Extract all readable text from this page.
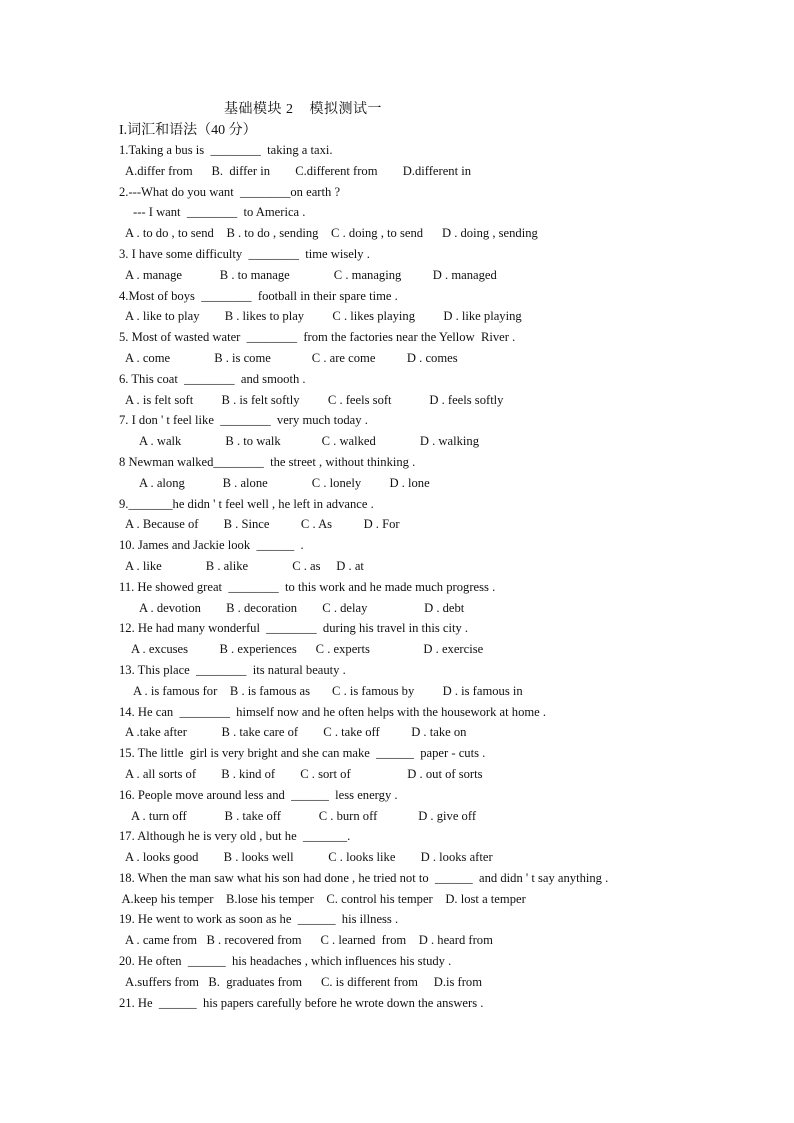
基础模块 2    模拟测试一
I.词汇和语法（40 分）
1.Taking a bus is  ________  taking a taxi.
A.differ from      B.  differ in        C.different from        D.different in
2.---What do you want  ________on earth ?
--- I want  ________  to America .
A . to do , to send    B . to do , sending    C . doing , to send      D . doing , sending
3. I have some difficulty  ________  time wisely .
A . manage            B . to manage              C . managing          D . managed
4.Most of boys  ________  football in their spare time .
A . like to play        B . likes to play         C . likes playing         D . like playing
5. Most of wasted water  ________  from the factories near the Yellow  River .
A . come              B . is come             C . are come          D . comes
6. This coat  ________  and smooth .
A . is felt soft         B . is felt softly         C . feels soft            D . feels softly
7. I don ' t feel like  ________  very much today .
A . walk              B . to walk             C . walked              D . walking
8 Newman walked________  the street , without thinking .
A . along            B . alone              C . lonely         D . lone
9._______he didn ' t feel well , he left in advance .
A . Because of        B . Since          C . As          D . For
10. James and Jackie look  ______  .
A . like              B . alike              C . as     D . at
11. He showed great  ________  to this work and he made much progress .
A . devotion        B . decoration        C . delay                  D . debt
12. He had many wonderful  ________  during his travel in this city .
A . excuses          B . experiences      C . experts                 D . exercise
13. This place  ________  its natural beauty .
A . is famous for    B . is famous as       C . is famous by         D . is famous in
14. He can  ________  himself now and he often helps with the housework at home .
A .take after           B . take care of        C . take off          D . take on
15. The little  girl is very bright and she can make  ______  paper - cuts .
A . all sorts of        B . kind of        C . sort of                  D . out of sorts
16. People move around less and  ______  less energy .
A . turn off            B . take off            C . burn off             D . give off
17. Although he is very old , but he  _______.
A . looks good        B . looks well           C . looks like        D . looks after
18. When the man saw what his son had done , he tried not to  ______  and didn ' t say anything .
A.keep his temper    B.lose his temper    C. control his temper    D. lost a temper
19. He went to work as soon as he  ______  his illness .
A . came from   B . recovered from      C . learned  from    D . heard from
20. He often  ______  his headaches , which influences his study .
A.suffers from   B.  graduates from      C. is different from     D.is from
21. He  ______  his papers carefully before he wrote down the answers .
